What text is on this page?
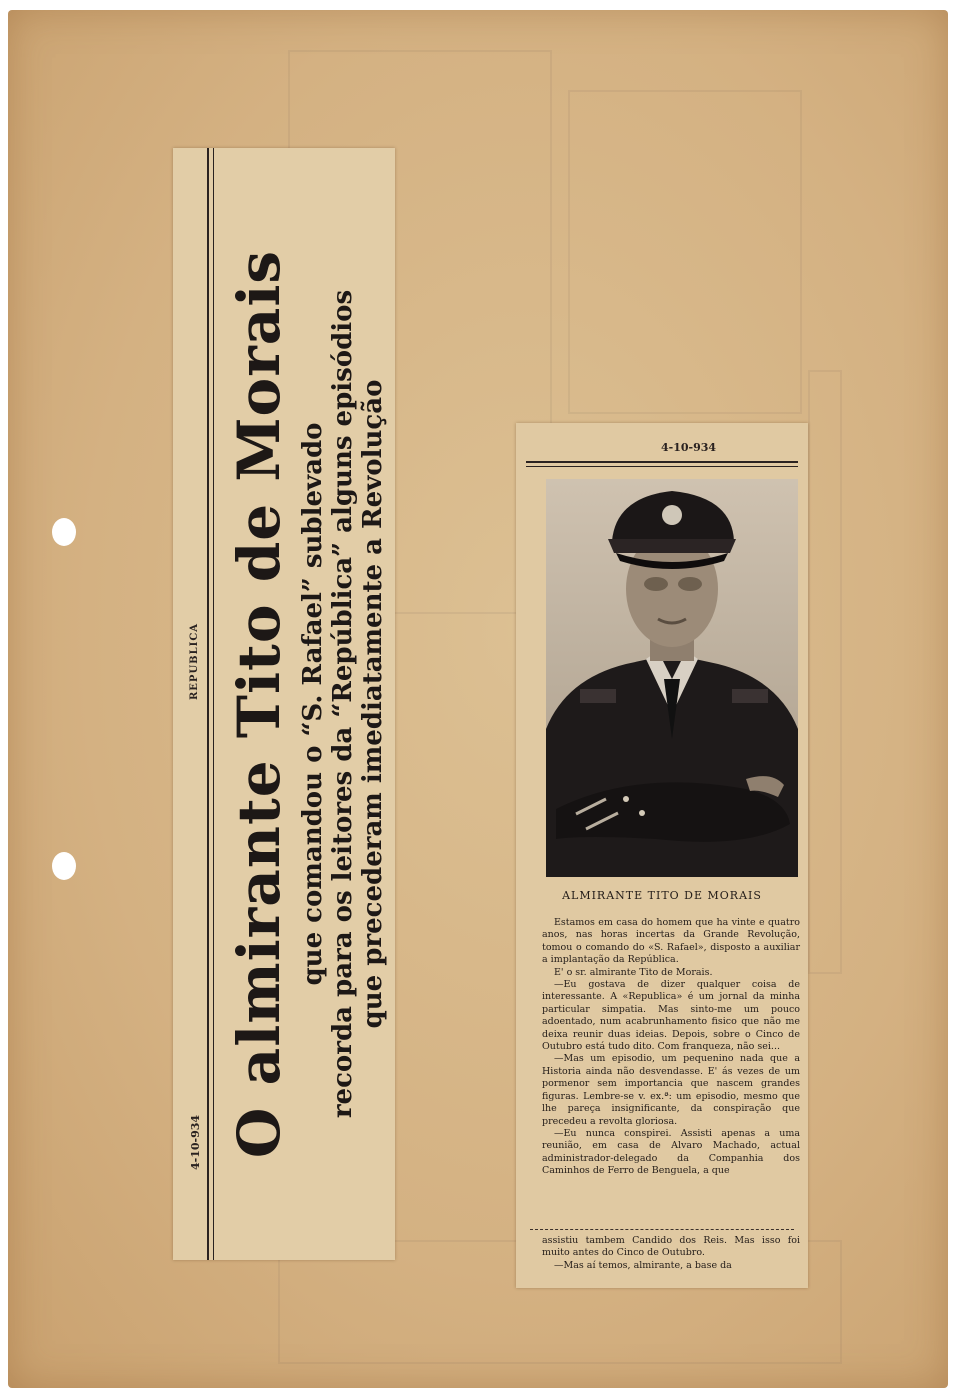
4-10-934
REPUBLICA O almirante Tito de Morais que comandou o “S. Rafael” sublevado recorda para os leitores da “República” alguns episódios que precederam imediatamente a Revolução	4-10-934
ALMIRANTE TITO DE MORAIS

Estamos em casa do homem que ha vinte e quatro anos, nas horas incertas da Grande Revolução, tomou o comando do «S. Rafael», disposto a auxiliar a implantação da República.

E' o sr. almirante Tito de Morais.

—Eu gostava de dizer qualquer coisa de interessante. A «Republica» é um jornal da minha particular simpatia. Mas sinto-me um pouco adoentado, num acabrunhamento fisico que não me deixa reunir duas ideias. Depois, sobre o Cinco de Outubro está tudo dito. Com franqueza, não sei...

—Mas um episodio, um pequenino nada que a Historia ainda não desvendasse. E' ás vezes de um pormenor sem importancia que nascem grandes figuras. Lembre-se v. ex.ª: um episodio, mesmo que lhe pareça insignificante, da conspiração que precedeu a revolta gloriosa.

—Eu nunca conspirei. Assisti apenas a uma reunião, em casa de Alvaro Machado, actual administrador-delegado da Companhia dos Caminhos de Ferro de Benguela, a que

assistiu tambem Candido dos Reis. Mas isso foi muito antes do Cinco de Outubro.

—Mas aí temos, almirante, a base da
